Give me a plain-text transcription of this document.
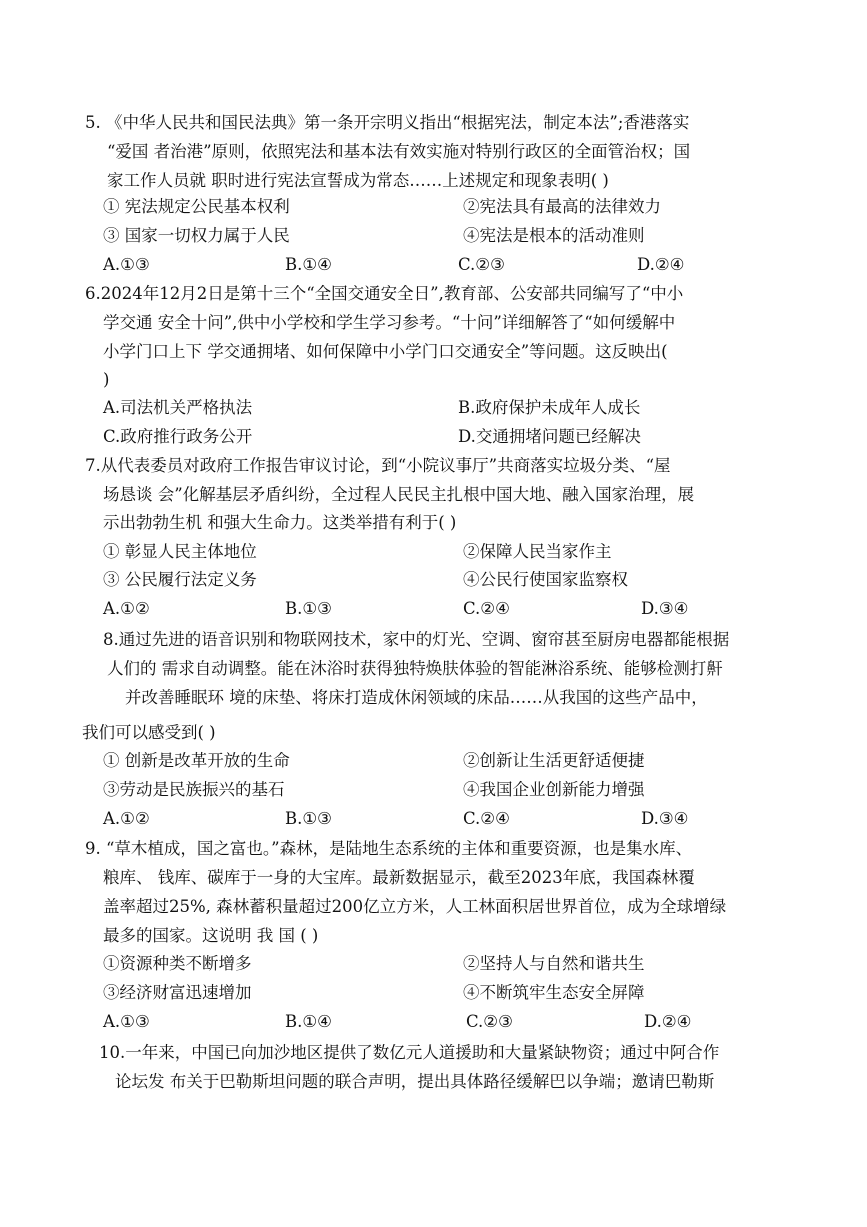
5. 《中华人民共和国民法典》第一条开宗明义指出“根据宪法，制定本法”;香港落实
“爱国 者治港”原则，依照宪法和基本法有效实施对特别行政区的全面管治权；国
家工作人员就 职时进行宪法宣誓成为常态……上述规定和现象表明( )
① 宪法规定公民基本权利	②宪法具有最高的法律效力
③ 国家一切权力属于人民	④宪法是根本的活动准则
A.①③	B.①④	C.②③	D.②④
6.2024年12月2日是第十三个“全国交通安全日”,教育部、公安部共同编写了“中小
学交通 安全十问”,供中小学校和学生学习参考。“十问”详细解答了“如何缓解中
小学门口上下 学交通拥堵、如何保障中小学门口交通安全”等问题。这反映出(
)
A.司法机关严格执法	B.政府保护未成年人成长
C.政府推行政务公开	D.交通拥堵问题已经解决
7.从代表委员对政府工作报告审议讨论，到“小院议事厅”共商落实垃圾分类、“屋
场恳谈 会”化解基层矛盾纠纷，全过程人民民主扎根中国大地、融入国家治理，展
示出勃勃生机 和强大生命力。这类举措有利于( )
① 彰显人民主体地位	②保障人民当家作主
③ 公民履行法定义务	④公民行使国家监察权
A.①②	B.①③	C.②④	D.③④
8.通过先进的语音识别和物联网技术，家中的灯光、空调、窗帘甚至厨房电器都能根据
人们的 需求自动调整。能在沐浴时获得独特焕肤体验的智能淋浴系统、能够检测打鼾
并改善睡眠环 境的床垫、将床打造成休闲领域的床品……从我国的这些产品中，
我们可以感受到( )
① 创新是改革开放的生命	②创新让生活更舒适便捷
③劳动是民族振兴的基石	④我国企业创新能力增强
A.①②	B.①③	C.②④	D.③④
9. “草木植成，国之富也。”森林，是陆地生态系统的主体和重要资源，也是集水库、
粮库、 钱库、碳库于一身的大宝库。最新数据显示，截至2023年底，我国森林覆
盖率超过25%, 森林蓄积量超过200亿立方米，人工林面积居世界首位，成为全球增绿
最多的国家。这说明 我 国 ( )
①资源种类不断增多	②坚持人与自然和谐共生
③经济财富迅速增加	④不断筑牢生态安全屏障
A.①③	B.①④	C.②③	D.②④
10.一年来，中国已向加沙地区提供了数亿元人道援助和大量紧缺物资；通过中阿合作
论坛发 布关于巴勒斯坦问题的联合声明，提出具体路径缓解巴以争端；邀请巴勒斯
